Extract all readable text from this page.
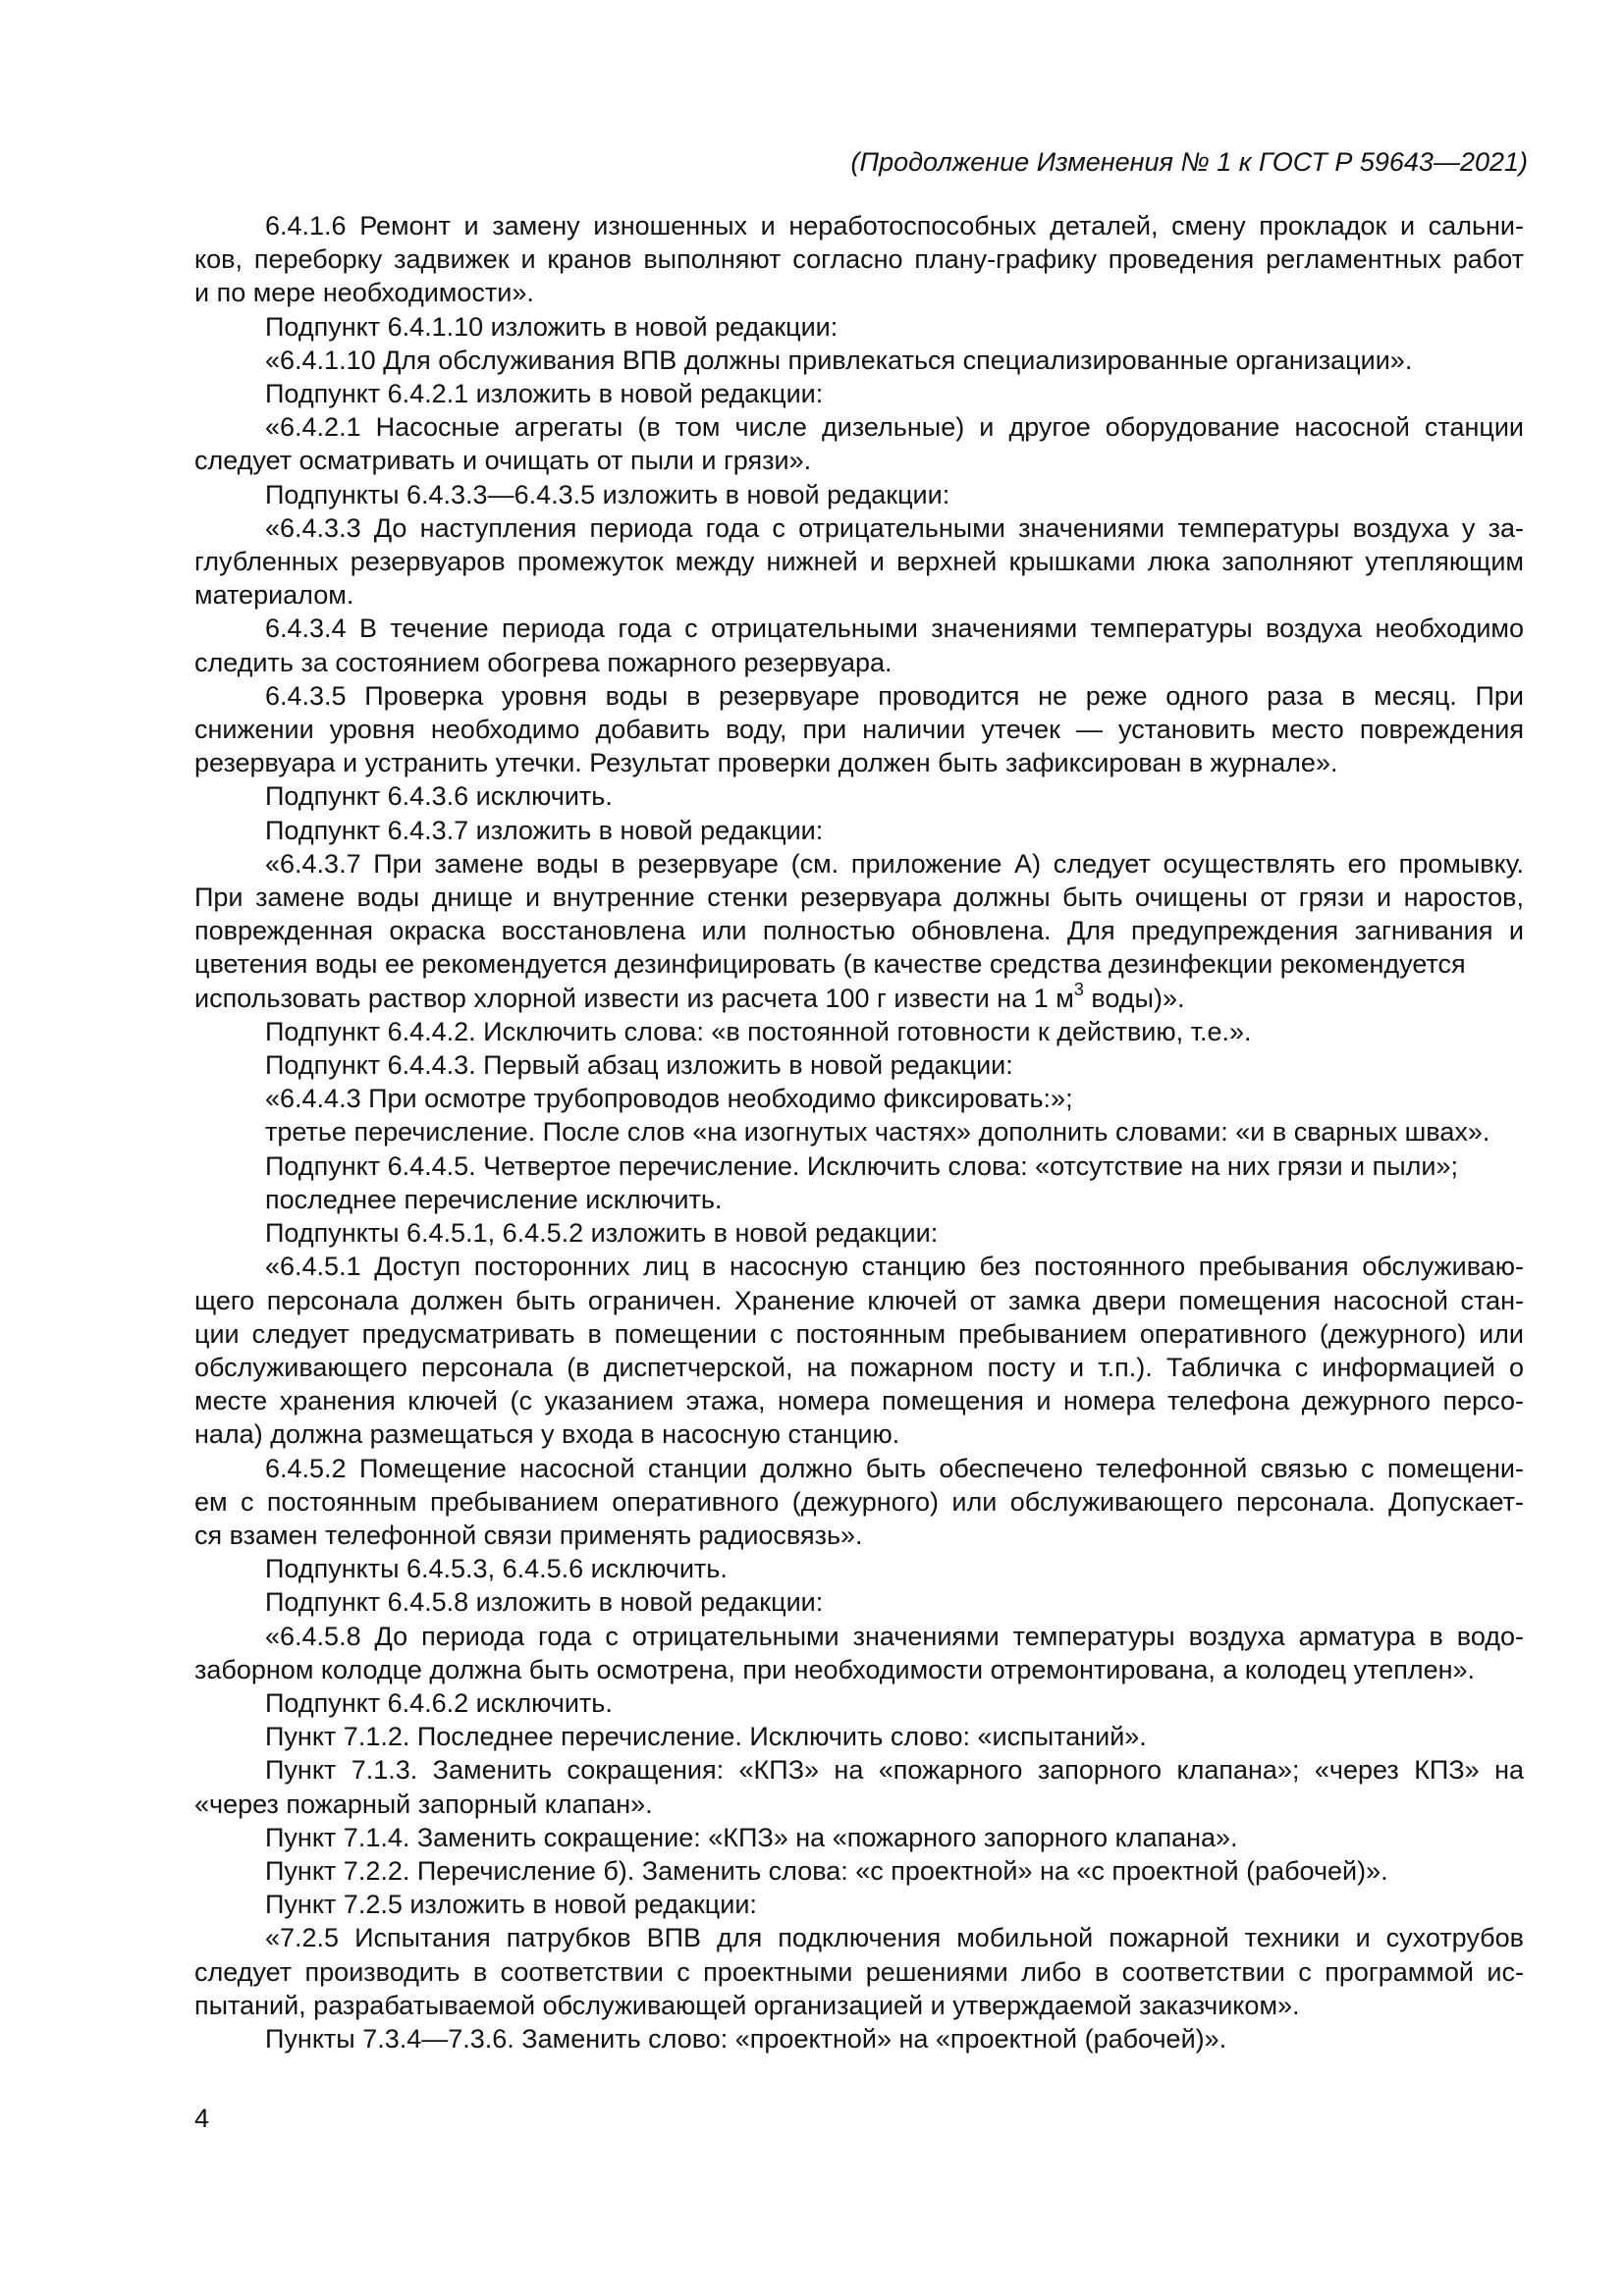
(Продолжение Изменения № 1 к ГОСТ Р 59643—2021)
6.4.1.6 Ремонт и замену изношенных и неработоспособных деталей, смену прокладок и сальни-
ков, переборку задвижек и кранов выполняют согласно плану-графику проведения регламентных работ
и по мере необходимости».
Подпункт 6.4.1.10 изложить в новой редакции:
«6.4.1.10 Для обслуживания ВПВ должны привлекаться специализированные организации».
Подпункт 6.4.2.1 изложить в новой редакции:
«6.4.2.1 Насосные агрегаты (в том числе дизельные) и другое оборудование насосной станции
следует осматривать и очищать от пыли и грязи».
Подпункты 6.4.3.3—6.4.3.5 изложить в новой редакции:
«6.4.3.3 До наступления периода года с отрицательными значениями температуры воздуха у за-
глубленных резервуаров промежуток между нижней и верхней крышками люка заполняют утепляющим
материалом.
6.4.3.4 В течение периода года с отрицательными значениями температуры воздуха необходимо
следить за состоянием обогрева пожарного резервуара.
6.4.3.5 Проверка уровня воды в резервуаре проводится не реже одного раза в месяц. При
снижении уровня необходимо добавить воду, при наличии утечек — установить место повреждения
резервуара и устранить утечки. Результат проверки должен быть зафиксирован в журнале».
Подпункт 6.4.3.6 исключить.
Подпункт 6.4.3.7 изложить в новой редакции:
«6.4.3.7 При замене воды в резервуаре (см. приложение А) следует осуществлять его промывку.
При замене воды днище и внутренние стенки резервуара должны быть очищены от грязи и наростов,
поврежденная окраска восстановлена или полностью обновлена. Для предупреждения загнивания и
цветения воды ее рекомендуется дезинфицировать (в качестве средства дезинфекции рекомендуется
использовать раствор хлорной извести из расчета 100 г извести на 1 $м^3$ воды)».
Подпункт 6.4.4.2. Исключить слова: «в постоянной готовности к действию, т.е.».
Подпункт 6.4.4.3. Первый абзац изложить в новой редакции:
«6.4.4.3 При осмотре трубопроводов необходимо фиксировать:»;
третье перечисление. После слов «на изогнутых частях» дополнить словами: «и в сварных швах».
Подпункт 6.4.4.5. Четвертое перечисление. Исключить слова: «отсутствие на них грязи и пыли»;
последнее перечисление исключить.
Подпункты 6.4.5.1, 6.4.5.2 изложить в новой редакции:
«6.4.5.1 Доступ посторонних лиц в насосную станцию без постоянного пребывания обслуживаю-
щего персонала должен быть ограничен. Хранение ключей от замка двери помещения насосной стан-
ции следует предусматривать в помещении с постоянным пребыванием оперативного (дежурного) или
обслуживающего персонала (в диспетчерской, на пожарном посту и т.п.). Табличка с информацией о
месте хранения ключей (с указанием этажа, номера помещения и номера телефона дежурного персо-
нала) должна размещаться у входа в насосную станцию.
6.4.5.2 Помещение насосной станции должно быть обеспечено телефонной связью с помещени-
ем с постоянным пребыванием оперативного (дежурного) или обслуживающего персонала. Допускает-
ся взамен телефонной связи применять радиосвязь».
Подпункты 6.4.5.3, 6.4.5.6 исключить.
Подпункт 6.4.5.8 изложить в новой редакции:
«6.4.5.8 До периода года с отрицательными значениями температуры воздуха арматура в водо-
заборном колодце должна быть осмотрена, при необходимости отремонтирована, а колодец утеплен».
Подпункт 6.4.6.2 исключить.
Пункт 7.1.2. Последнее перечисление. Исключить слово: «испытаний».
Пункт 7.1.3. Заменить сокращения: «КПЗ» на «пожарного запорного клапана»; «через КПЗ» на
«через пожарный запорный клапан».
Пункт 7.1.4. Заменить сокращение: «КПЗ» на «пожарного запорного клапана».
Пункт 7.2.2. Перечисление б). Заменить слова: «с проектной» на «с проектной (рабочей)».
Пункт 7.2.5 изложить в новой редакции:
«7.2.5 Испытания патрубков ВПВ для подключения мобильной пожарной техники и сухотрубов
следует производить в соответствии с проектными решениями либо в соответствии с программой ис-
пытаний, разрабатываемой обслуживающей организацией и утверждаемой заказчиком».
Пункты 7.3.4—7.3.6. Заменить слово: «проектной» на «проектной (рабочей)».
4
